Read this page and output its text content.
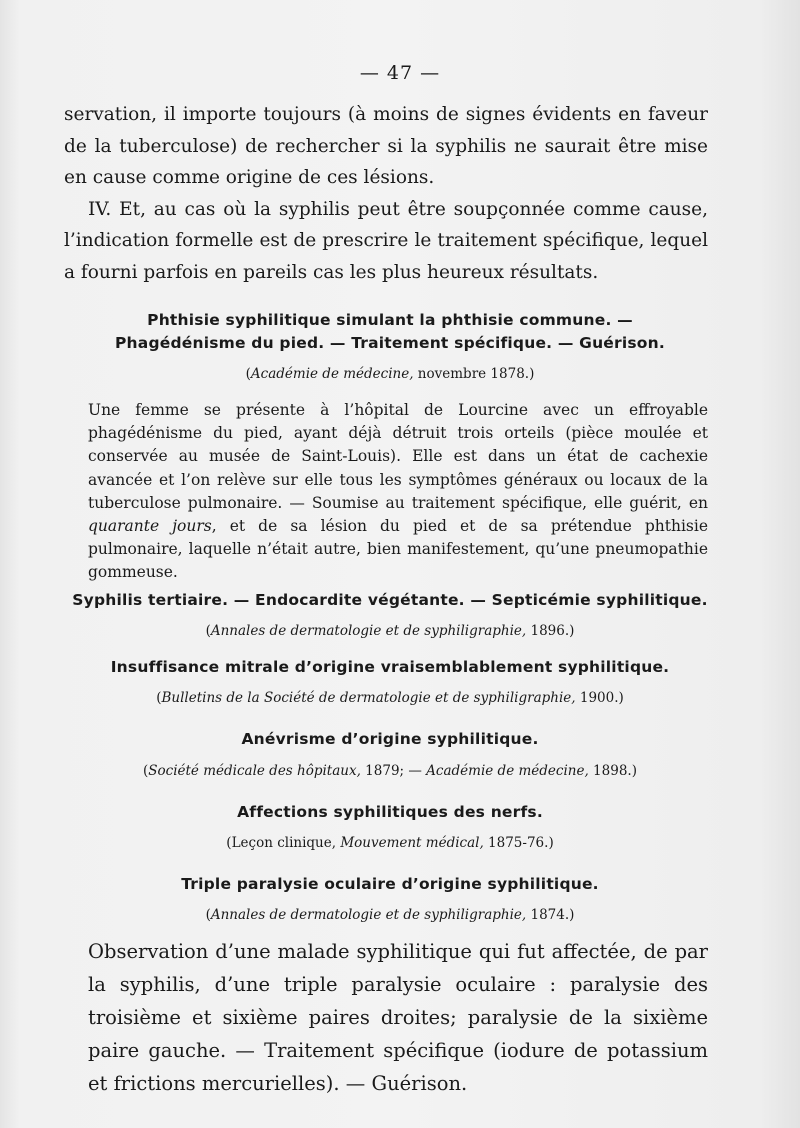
— 47 —

servation, il importe toujours (à moins de signes évidents en faveur de la tuberculose) de rechercher si la syphilis ne saurait être mise en cause comme origine de ces lésions.

IV. Et, au cas où la syphilis peut être soupçonnée comme cause, l’indication formelle est de prescrire le traitement spécifique, lequel a fourni parfois en pareils cas les plus heureux résultats.

Phthisie syphilitique simulant la phthisie commune. — Phagédénisme du pied. — Traitement spécifique. — Guérison.
(Académie de médecine, novembre 1878.)
Une femme se présente à l’hôpital de Lourcine avec un effroyable phagédénisme du pied, ayant déjà détruit trois orteils (pièce moulée et conservée au musée de Saint-Louis). Elle est dans un état de cachexie avancée et l’on relève sur elle tous les symptômes généraux ou locaux de la tuberculose pulmonaire. — Soumise au traitement spécifique, elle guérit, en quarante jours, et de sa lésion du pied et de sa prétendue phthisie pulmonaire, laquelle n’était autre, bien manifestement, qu’une pneumopathie gommeuse.
Syphilis tertiaire. — Endocardite végétante. — Septicémie syphilitique.
(Annales de dermatologie et de syphiligraphie, 1896.)
Insuffisance mitrale d’origine vraisemblablement syphilitique.
(Bulletins de la Société de dermatologie et de syphiligraphie, 1900.)
Anévrisme d’origine syphilitique.
(Société médicale des hôpitaux, 1879; — Académie de médecine, 1898.)
Affections syphilitiques des nerfs.
(Leçon clinique, Mouvement médical, 1875-76.)
Triple paralysie oculaire d’origine syphilitique.
(Annales de dermatologie et de syphiligraphie, 1874.)
Observation d’une malade syphilitique qui fut affectée, de par la syphilis, d’une triple paralysie oculaire : paralysie des troisième et sixième paires droites; paralysie de la sixième paire gauche. — Traitement spécifique (iodure de potassium et frictions mercurielles). — Guérison.
